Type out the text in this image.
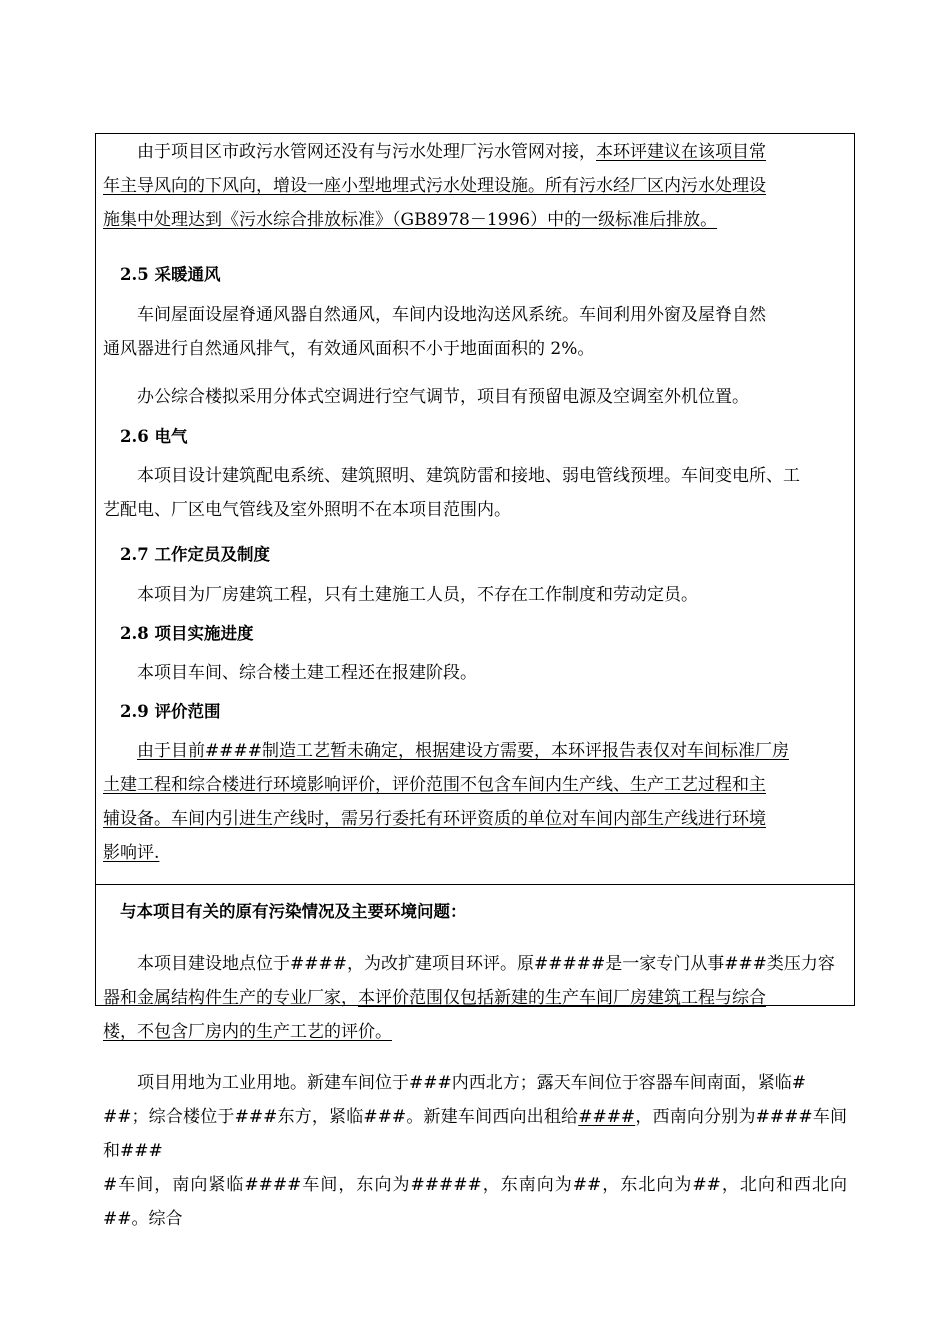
由于项目区市政污水管网还没有与污水处理厂污水管网对接，本环评建议在该项目常
年主导风向的下风向，增设一座小型地埋式污水处理设施。所有污水经厂区内污水处理设
施集中处理达到《污水综合排放标准》（GB8978－1996）中的一级标准后排放。
2.5 采暖通风
车间屋面设屋脊通风器自然通风，车间内设地沟送风系统。车间利用外窗及屋脊自然
通风器进行自然通风排气，有效通风面积不小于地面面积的 2%。
办公综合楼拟采用分体式空调进行空气调节，项目有预留电源及空调室外机位置。
2.6 电气
本项目设计建筑配电系统、建筑照明、建筑防雷和接地、弱电管线预埋。车间变电所、工
艺配电、厂区电气管线及室外照明不在本项目范围内。
2.7 工作定员及制度
本项目为厂房建筑工程，只有土建施工人员，不存在工作制度和劳动定员。
2.8 项目实施进度
本项目车间、综合楼土建工程还在报建阶段。
2.9 评价范围
由于目前####制造工艺暂未确定，根据建设方需要，本环评报告表仅对车间标准厂房
土建工程和综合楼进行环境影响评价，评价范围不包含车间内生产线、生产工艺过程和主
辅设备。车间内引进生产线时，需另行委托有环评资质的单位对车间内部生产线进行环境
影响评.
与本项目有关的原有污染情况及主要环境问题：
本项目建设地点位于####，为改扩建项目环评。原#####是一家专门从事###类压力容
器和金属结构件生产的专业厂家，本评价范围仅包括新建的生产车间厂房建筑工程与综合
楼，不包含厂房内的生产工艺的评价。
项目用地为工业用地。新建车间位于###内西北方；露天车间位于容器车间南面，紧临#
##；综合楼位于###东方，紧临###。新建车间西向出租给####，西南向分别为####车间和###
#车间，南向紧临####车间，东向为#####，东南向为##，东北向为##，北向和西北向##。综合
